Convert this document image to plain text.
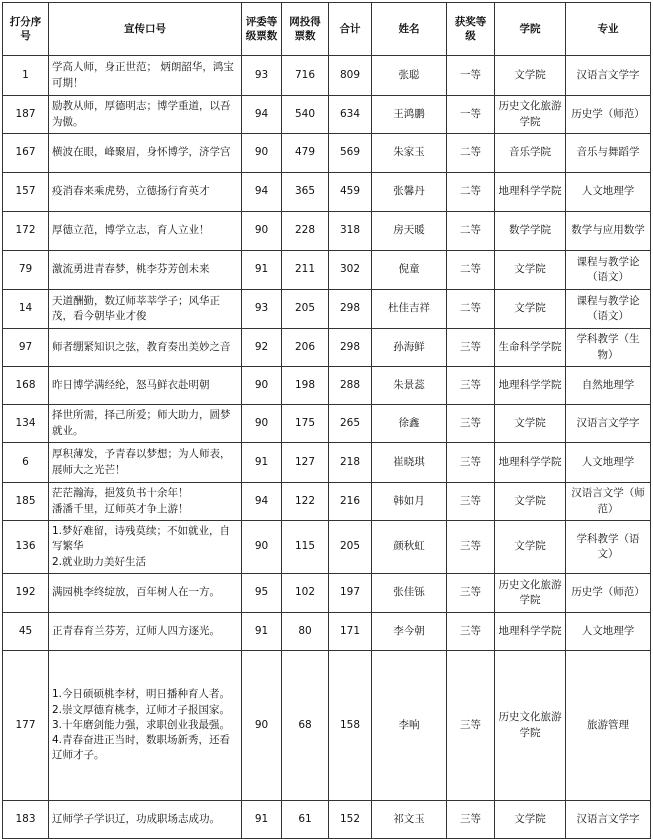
打分序号	宣传口号	评委等级票数	网投得票数	合计	姓名	获奖等级	学院	专业
1	学高人师，身正世范； 炳朗韶华，鸿宝可期！	93	716	809	张聪	一等	文学院	汉语言文学字
187	励教从师，厚德明志；博学重道，以吾为傲。	94	540	634	王鸿鹏	一等	历史文化旅游学院	历史学（师范）
167	横波在眼，峰聚眉，身怀博学，济学宫	90	479	569	朱家玉	二等	音乐学院	音乐与舞蹈学
157	疫消春来乘虎势，立德扬行育英才	94	365	459	张馨丹	二等	地理科学学院	人文地理学
172	厚德立范，博学立志，育人立业！	90	228	318	房天暖	二等	数学学院	数学与应用数学
79	激流勇进青春梦，桃李芬芳创未来	91	211	302	倪童	二等	文学院	课程与教学论（语文）
14	天道酬勤，数辽师莘莘学子；风华正茂，看今朝毕业才俊	93	205	298	杜佳吉祥	二等	文学院	课程与教学论（语文）
97	师者绷紧知识之弦，教育奏出美妙之音	92	206	298	孙海鲜	三等	生命科学学院	学科教学（生物）
168	昨日博学满经纶，怒马鲜衣赴明朝	90	198	288	朱景蕊	三等	地理科学学院	自然地理学
134	择世所需，择己所爱；师大助力，圆梦就业。	90	175	265	徐鑫	三等	文学院	汉语言文学字
6	厚积薄发，予青春以梦想；为人师表，展师大之光芒！	91	127	218	崔晓琪	三等	地理科学学院	人文地理学
185	茫茫瀚海，挹笈负书十余年！
潘潘千里，辽师英才争上游！	94	122	216	韩如月	三等	文学院	汉语言文学（师范）
136	1.梦好难留，诗残莫续；不如就业，自写繁华
2.就业助力美好生活	90	115	205	颜秋虹	三等	文学院	学科教学（语文）
192	满园桃李终绽放，百年树人在一方。	95	102	197	张佳铄	三等	历史文化旅游学院	历史学（师范）
45	正青春育兰芬芳，辽师人四方逐光。	91	80	171	李今朝	三等	地理科学学院	人文地理学
177	1.今日硕硕桃李材，明日播种育人者。
2.崇文厚德育桃李，辽师才子报国家。
3.十年磨剑能力强，求职创业我最强。
4.青春奋进正当时，数职场新秀，还看辽师才子。	90	68	158	李响	三等	历史文化旅游学院	旅游管理
183	辽师学子学识辽，功成职场志成功。	91	61	152	祁文玉	三等	文学院	汉语言文学字
